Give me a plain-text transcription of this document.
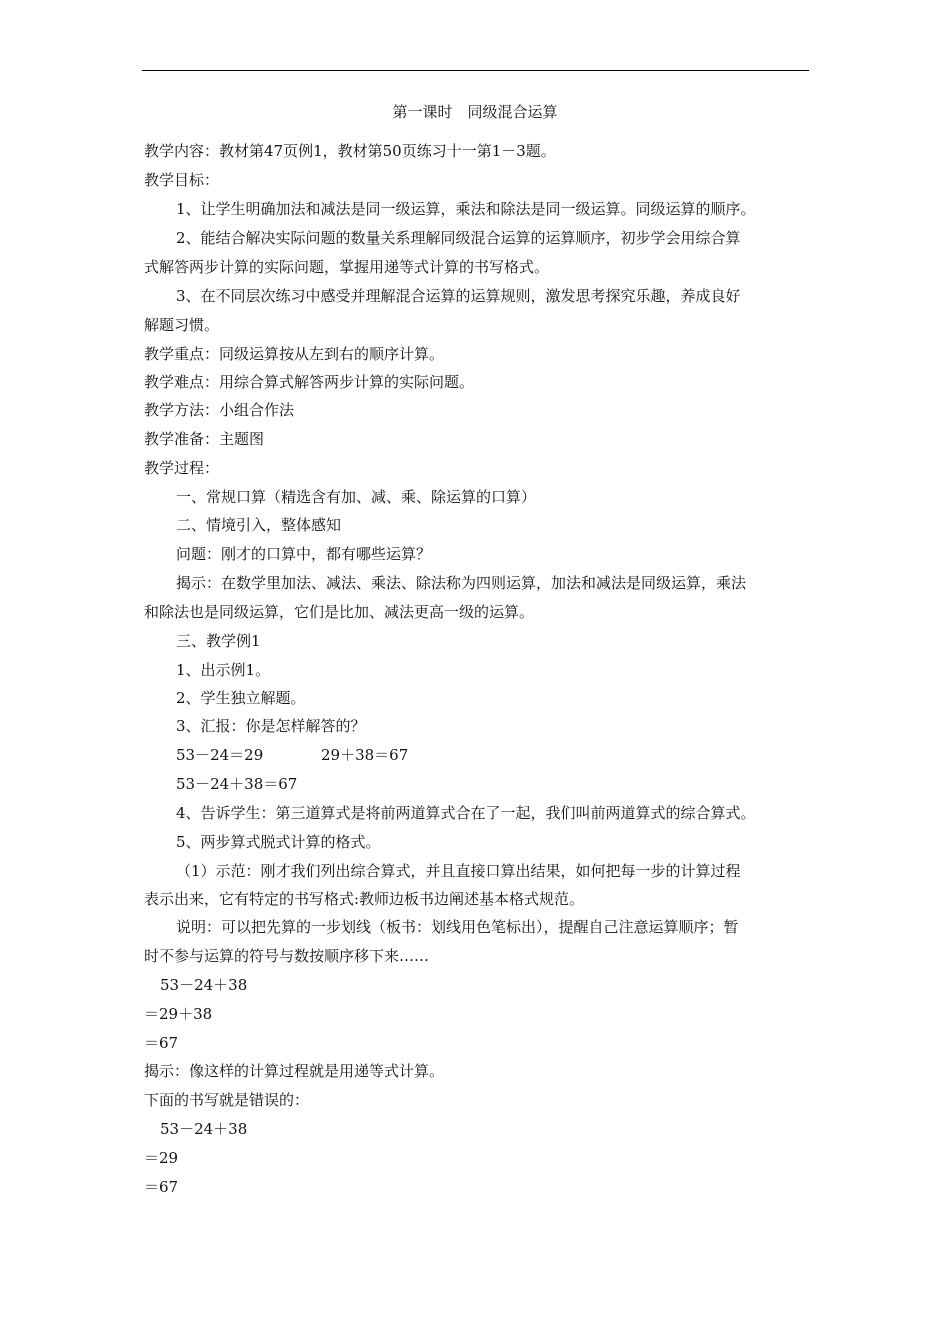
第一课时　同级混合运算
教学内容：教材第47页例1，教材第50页练习十一第1－3题。
教学目标：
1、让学生明确加法和减法是同一级运算，乘法和除法是同一级运算。同级运算的顺序。
2、能结合解决实际问题的数量关系理解同级混合运算的运算顺序，初步学会用综合算
式解答两步计算的实际问题，掌握用递等式计算的书写格式。
3、在不同层次练习中感受并理解混合运算的运算规则，激发思考探究乐趣，养成良好
解题习惯。
教学重点：同级运算按从左到右的顺序计算。
教学难点：用综合算式解答两步计算的实际问题。
教学方法：小组合作法
教学准备：主题图
教学过程：
一、常规口算（精选含有加、减、乘、除运算的口算）
二、情境引入，整体感知
问题：刚才的口算中，都有哪些运算？
揭示：在数学里加法、减法、乘法、除法称为四则运算，加法和减法是同级运算，乘法
和除法也是同级运算，它们是比加、减法更高一级的运算。
三、教学例1
1、出示例1。
2、学生独立解题。
3、汇报：你是怎样解答的？
53－24＝29	29＋38＝67
53－24＋38＝67
4、告诉学生：第三道算式是将前两道算式合在了一起，我们叫前两道算式的综合算式。
5、两步算式脱式计算的格式。
（1）示范：刚才我们列出综合算式，并且直接口算出结果，如何把每一步的计算过程
表示出来，它有特定的书写格式:教师边板书边阐述基本格式规范。
说明：可以把先算的一步划线（板书：划线用色笔标出），提醒自己注意运算顺序；暂
时不参与运算的符号与数按顺序移下来……
53－24＋38
＝29＋38
＝67
揭示：像这样的计算过程就是用递等式计算。
下面的书写就是错误的：
53－24＋38
＝29
＝67
